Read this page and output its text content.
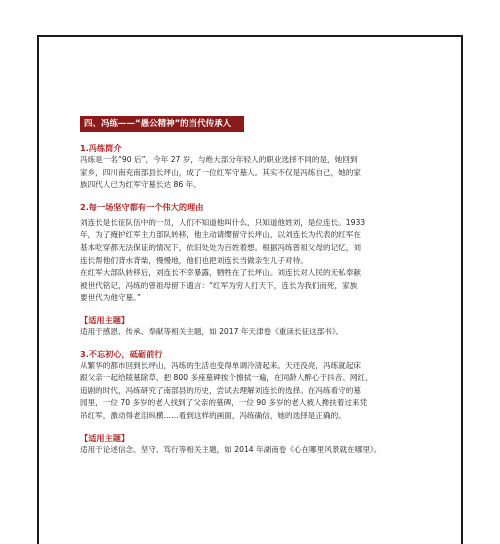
四、冯练——“愚公精神”的当代传承人
1.冯练简介
冯练是一名“90 后”，今年 27 岁，与绝大部分年轻人的职业选择不同的是，她回到
家乡，四川南充南部县长坪山，成了一位红军守墓人。其实不仅是冯练自己，她的家
族四代人已为红军守墓长达 86 年。
2.每一场坚守都有一个伟大的理由
刘连长是长征队伍中的一员，人们不知道他叫什么，只知道他姓刘，是位连长。1933
年，为了掩护红军主力部队转移，他主动请缨留守长坪山，以刘连长为代表的红军在
基本吃穿都无法保证的情况下，依旧处处为百姓着想。根据冯练曾祖父母的记忆，刘
连长帮他们背水背柴，慢慢地，他们也把刘连长当做亲生儿子对待。
在红军大部队转移后，刘连长不幸暴露，牺牲在了长坪山。刘连长对人民的无私奉献
被世代铭记，冯练的曾祖母留下遗言：“红军为穷人打天下，连长为我们而死，家族
要世代为他守墓。”
【适用主题】
适用于感恩、传承、奉献等相关主题，如 2017 年天津卷《重读长征这部书》。
3.不忘初心，砥砺前行
从繁华的都市回到长坪山，冯练的生活也变得单调冷清起来。天还没亮，冯练就起床
跟父亲一起给陵墓除草，把 800 多座墓碑挨个擦拭一遍，在同龄人醉心于抖音、网红、
追剧的时代，冯练研究了南部县的历史，尝试去理解刘连长的选择。在冯练看守的墓
园里，一位 70 多岁的老人找到了父亲的墓碑，一位 90 多岁的老人被人搀扶着过来凭
吊红军，激动得老泪纵横……看到这样的画面，冯练确信，她的选择是正确的。
【适用主题】
适用于论述信念、坚守、笃行等相关主题，如 2014 年湖南卷《心在哪里风景就在哪里》。
